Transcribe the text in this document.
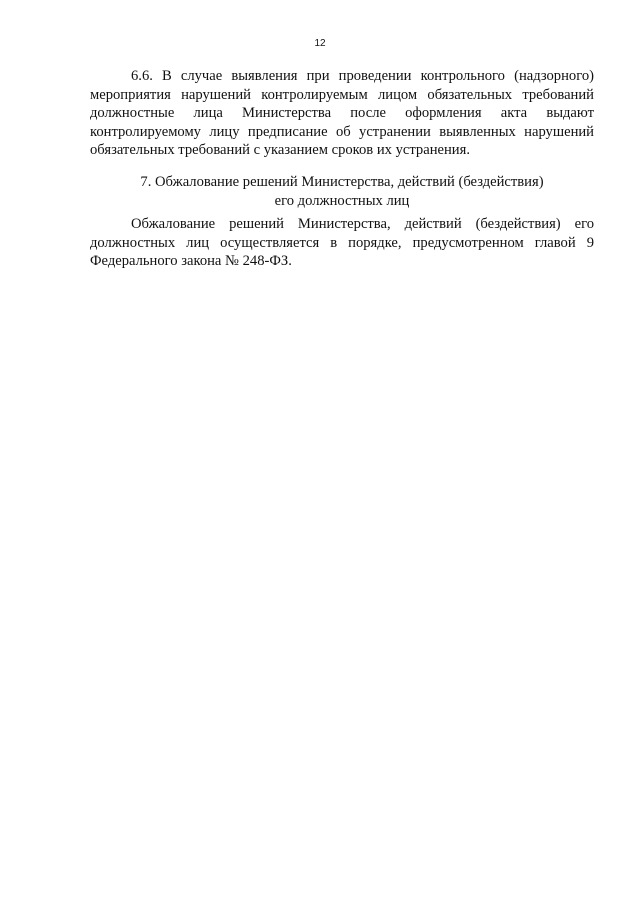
12
6.6. В случае выявления при проведении контрольного (надзорного)
мероприятия нарушений контролируемым лицом обязательных требований
должностные лица Министерства после оформления акта выдают
контролируемому лицу предписание об устранении выявленных нарушений
обязательных требований с указанием сроков их устранения.
7. Обжалование решений Министерства, действий (бездействия)
его должностных лиц
Обжалование решений Министерства, действий (бездействия) его
должностных лиц осуществляется в порядке, предусмотренном главой 9
Федерального закона № 248-ФЗ.
